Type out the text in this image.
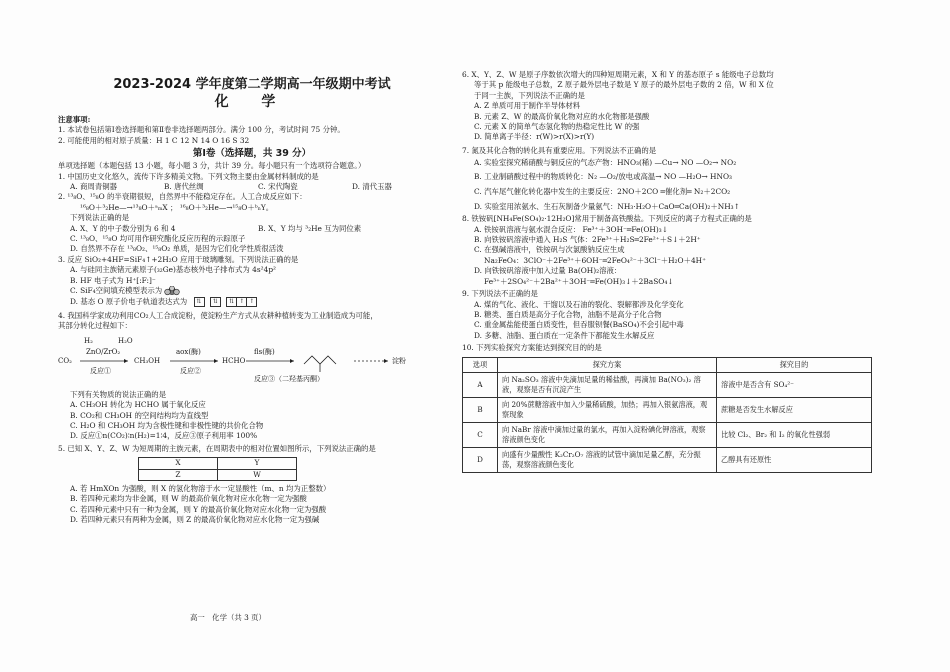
2023-2024 学年度第二学期高一年级期中考试
化 学
注意事项:
1. 本试卷包括第Ⅰ卷选择题和第Ⅱ卷非选择题两部分。满分 100 分，考试时间 75 分钟。
2. 可能使用的相对原子质量：H 1 C 12 N 14 O 16 S 32
第Ⅰ卷（选择题，共 39 分）
单项选择题（本题包括 13 小题，每小题 3 分，共计 39 分。每小题只有一个选项符合题意。）
1. 中国历史文化悠久，流传下许多精美文物。下列文物主要由金属材料制成的是
A. 商周青铜器	B. 唐代丝绸	C. 宋代陶瓷	D. 清代玉器
2. ¹³₈O、¹⁵₈O 的半衰期很短，自然界中不能稳定存在。人工合成反应如下：
¹⁶₈O＋³₂He—→¹³₈O＋ᵃₘX ； ¹⁶₈O＋³₂He—→¹⁵₈O＋ᵇₙY。
下列说法正确的是
A. X、Y 的中子数分别为 6 和 4	B. X、Y 均与 ³₂He 互为同位素
C. ¹³₈O、¹⁵₈O 均可用作研究酯化反应历程的示踪原子
D. 自然界不存在 ¹³₈O₂、¹⁵₈O₂ 单质，是因为它们化学性质很活泼
3. 反应 SiO₂+4HF=SiF₄↑+2H₂O 应用于玻璃雕刻。下列说法正确的是
A. 与硅同主族锗元素原子(₃₂Ge)基态核外电子排布式为 4s²4p²
B. HF 电子式为 H⁺[:F:]⁻
C. SiF₄空间填充模型表示为
D. 基态 O 原子价电子轨道表达式为	⇅
	⇅
	⇅ ↑ ↑
4. 我国科学家成功利用CO₂人工合成淀粉，使淀粉生产方式从农耕种植转变为工业制造成为可能，
其部分转化过程如下：
CO₂
H₂
ZnO/ZrO₂
H₂O
反应①
CH₃OH
aox(酶)
反应②
HCHO
fls(酶)
反应③（二羟基丙酮）
淀粉
下列有关物质的说法正确的是
A. CH₃OH 转化为 HCHO 属于氧化反应
B. CO₂和 CH₃OH 的空间结构均为直线型
C. H₂O 和 CH₃OH 均为含极性键和非极性键的共价化合物
D. 反应①n(CO₂)∶n(H₂)=1∶4，反应③原子利用率 100%
5. 已知 X、Y、Z、W 为短周期的主族元素，在周期表中的相对位置如图所示，下列说法正确的是
X	Y
Z	W
A. 若 HmXOn 为强酸，则 X 的氢化物溶于水一定显酸性（m、n 均为正整数）
B. 若四种元素均为非金属，则 W 的最高价氧化物对应水化物一定为强酸
C. 若四种元素中只有一种为金属，则 Y 的最高价氧化物对应水化物一定为强酸
D. 若四种元素只有两种为金属，则 Z 的最高价氧化物对应水化物一定为强碱
高一　化学（共 3 页）
6. X、Y、Z、W 是原子序数依次增大的四种短周期元素，X 和 Y 的基态原子 s 能级电子总数均
等于其 p 能级电子总数，Z 原子最外层电子数是 Y 原子的最外层电子数的 2 倍，W 和 X 位
于同一主族，下列说法不正确的是
A. Z 单质可用于制作半导体材料
B. 元素 Z、W 的最高价氧化物对应的水化物都是强酸
C. 元素 X 的简单气态氢化物的热稳定性比 W 的强
D. 简单离子半径：r(W)>r(X)>r(Y)
7. 氮及其化合物的转化具有重要应用。下列说法不正确的是
A. 实验室探究稀硝酸与铜反应的气态产物：HNO₃(稀) —Cu→ NO —O₂→ NO₂
B. 工业制硝酸过程中的物质转化：N₂ —O₂/放电或高温→ NO —H₂O→ HNO₃
C. 汽车尾气催化转化器中发生的主要反应：2NO＋2CO ═催化剂═ N₂＋2CO₂
D. 实验室用浓氨水、生石灰制备少量氨气：NH₃·H₂O＋CaO═Ca(OH)₂＋NH₃↑
8. 铁铵矾[NH₄Fe(SO₄)₂·12H₂O]常用于制备高铁酸盐。下列反应的离子方程式正确的是
A. 铁铵矾溶液与氨水混合反应： Fe³⁺＋3OH⁻═Fe(OH)₃↓
B. 向铁铵矾溶液中通入 H₂S 气体：2Fe³⁺＋H₂S═2Fe²⁺＋S↓＋2H⁺
C. 在强碱溶液中，铁铵矾与次氯酸钠反应生成
Na₂FeO₄：3ClO⁻＋2Fe³⁺＋6OH⁻═2FeO₄²⁻＋3Cl⁻＋H₂O＋4H⁺
D. 向铁铵矾溶液中加入过量 Ba(OH)₂溶液：
Fe³⁺＋2SO₄²⁻＋2Ba²⁺＋3OH⁻═Fe(OH)₃↓＋2BaSO₄↓
9. 下列说法不正确的是
A. 煤的气化、液化、干馏以及石油的裂化、裂解都涉及化学变化
B. 糖类、蛋白质是高分子化合物，油脂不是高分子化合物
C. 重金属盐能使蛋白质变性，但吞服钡餐(BaSO₄)不会引起中毒
D. 多糖、油脂、蛋白质在一定条件下都能发生水解反应
10. 下列实验探究方案能达到探究目的的是
选项	探究方案	探究目的
A	向 Na₂SO₃ 溶液中先滴加足量的稀盐酸，再滴加 Ba(NO₃)₂ 溶液，观察是否有沉淀产生	溶液中是否含有 SO₄²⁻
B	向 20%蔗糖溶液中加入少量稀硫酸，加热；再加入银氨溶液，观察现象	蔗糖是否发生水解反应
C	向 NaBr 溶液中滴加过量的氯水，再加入淀粉碘化钾溶液，观察溶液颜色变化	比较 Cl₂、Br₂ 和 I₂ 的氧化性强弱
D	向盛有少量酸性 K₂Cr₂O₇ 溶液的试管中滴加足量乙醇，充分振荡，观察溶液颜色变化	乙醇具有还原性
